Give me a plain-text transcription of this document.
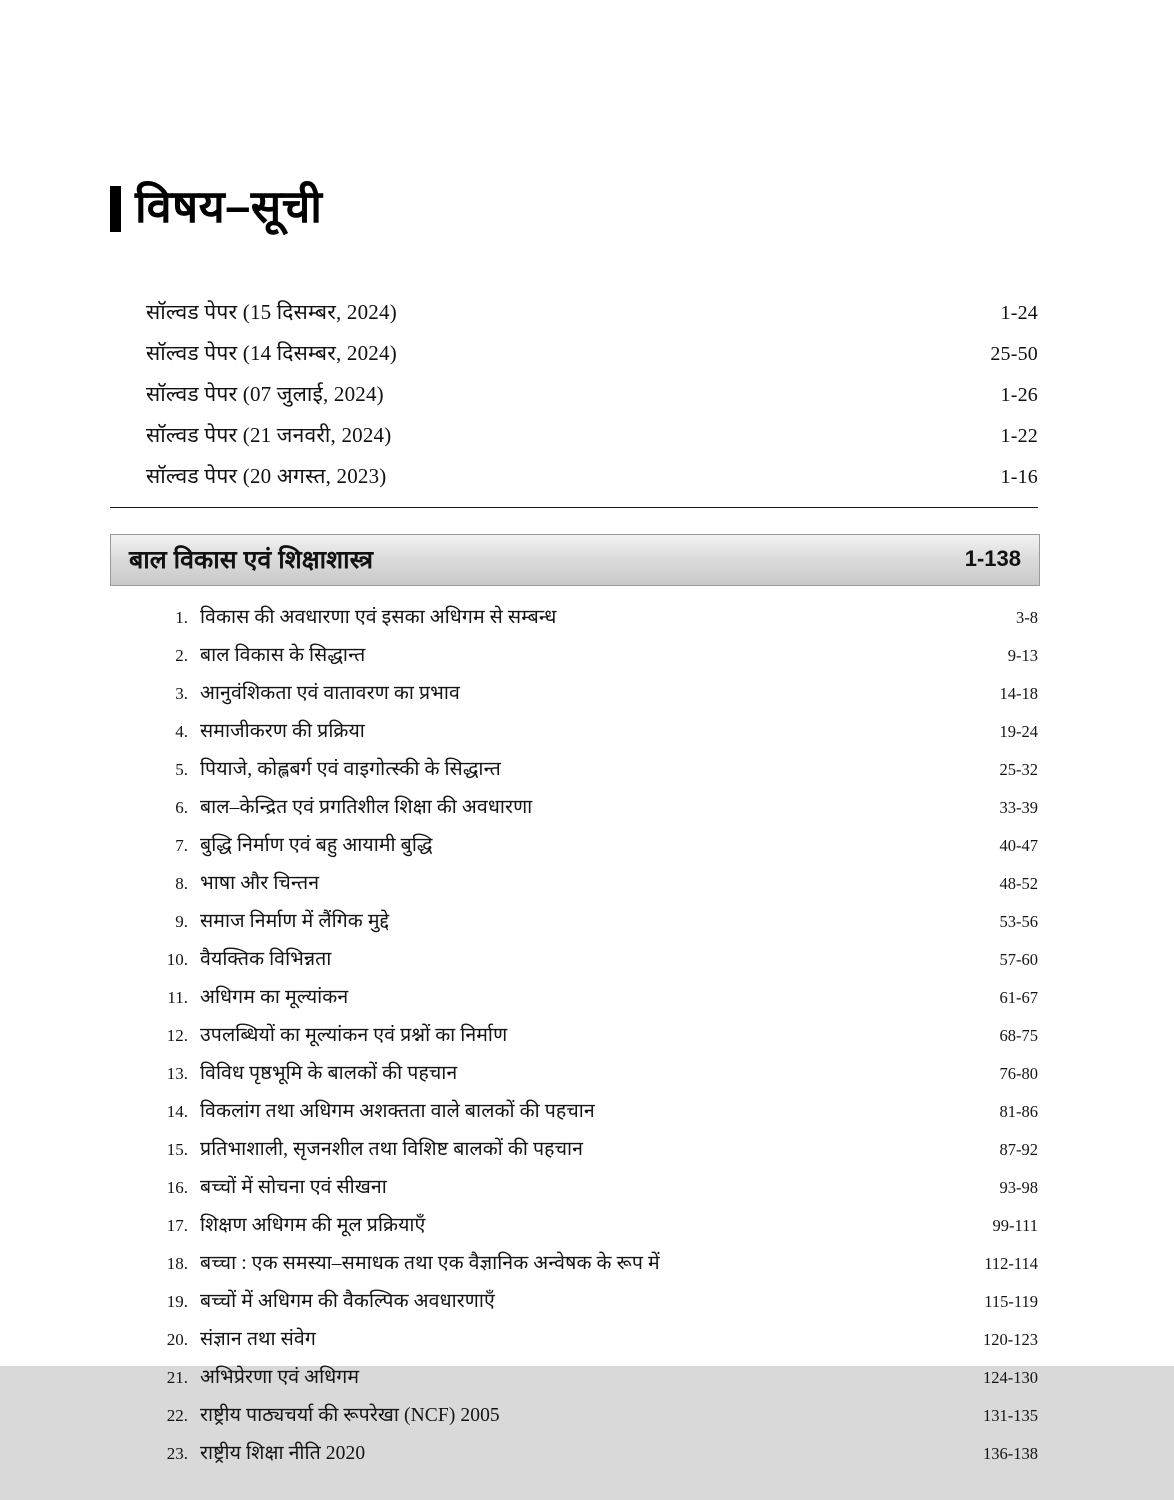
विषय–सूची
सॉल्वड पेपर (15 दिसम्बर, 2024)	1-24
सॉल्वड पेपर (14 दिसम्बर, 2024)	25-50
सॉल्वड पेपर (07 जुलाई, 2024)	1-26
सॉल्वड पेपर (21 जनवरी, 2024)	1-22
सॉल्वड पेपर (20 अगस्त, 2023)	1-16
बाल विकास एवं शिक्षाशास्त्र	1-138
1. विकास की अवधारणा एवं इसका अधिगम से सम्बन्ध	3-8
2. बाल विकास के सिद्धान्त	9-13
3. आनुवंशिकता एवं वातावरण का प्रभाव	14-18
4. समाजीकरण की प्रक्रिया	19-24
5. पियाजे, कोह्लबर्ग एवं वाइगोत्स्की के सिद्धान्त	25-32
6. बाल–केन्द्रित एवं प्रगतिशील शिक्षा की अवधारणा	33-39
7. बुद्धि निर्माण एवं बहु आयामी बुद्धि	40-47
8. भाषा और चिन्तन	48-52
9. समाज निर्माण में लैंगिक मुद्दे	53-56
10. वैयक्तिक विभिन्नता	57-60
11. अधिगम का मूल्यांकन	61-67
12. उपलब्धियों का मूल्यांकन एवं प्रश्नों का निर्माण	68-75
13. विविध पृष्ठभूमि के बालकों की पहचान	76-80
14. विकलांग तथा अधिगम अशक्तता वाले बालकों की पहचान	81-86
15. प्रतिभाशाली, सृजनशील तथा विशिष्ट बालकों की पहचान	87-92
16. बच्चों में सोचना एवं सीखना	93-98
17. शिक्षण अधिगम की मूल प्रक्रियाएँ	99-111
18. बच्चा : एक समस्या–समाधक तथा एक वैज्ञानिक अन्वेषक के रूप में	112-114
19. बच्चों में अधिगम की वैकल्पिक अवधारणाएँ	115-119
20. संज्ञान तथा संवेग	120-123
21. अभिप्रेरणा एवं अधिगम	124-130
22. राष्ट्रीय पाठ्यचर्या की रूपरेखा (NCF) 2005	131-135
23. राष्ट्रीय शिक्षा नीति 2020	136-138
